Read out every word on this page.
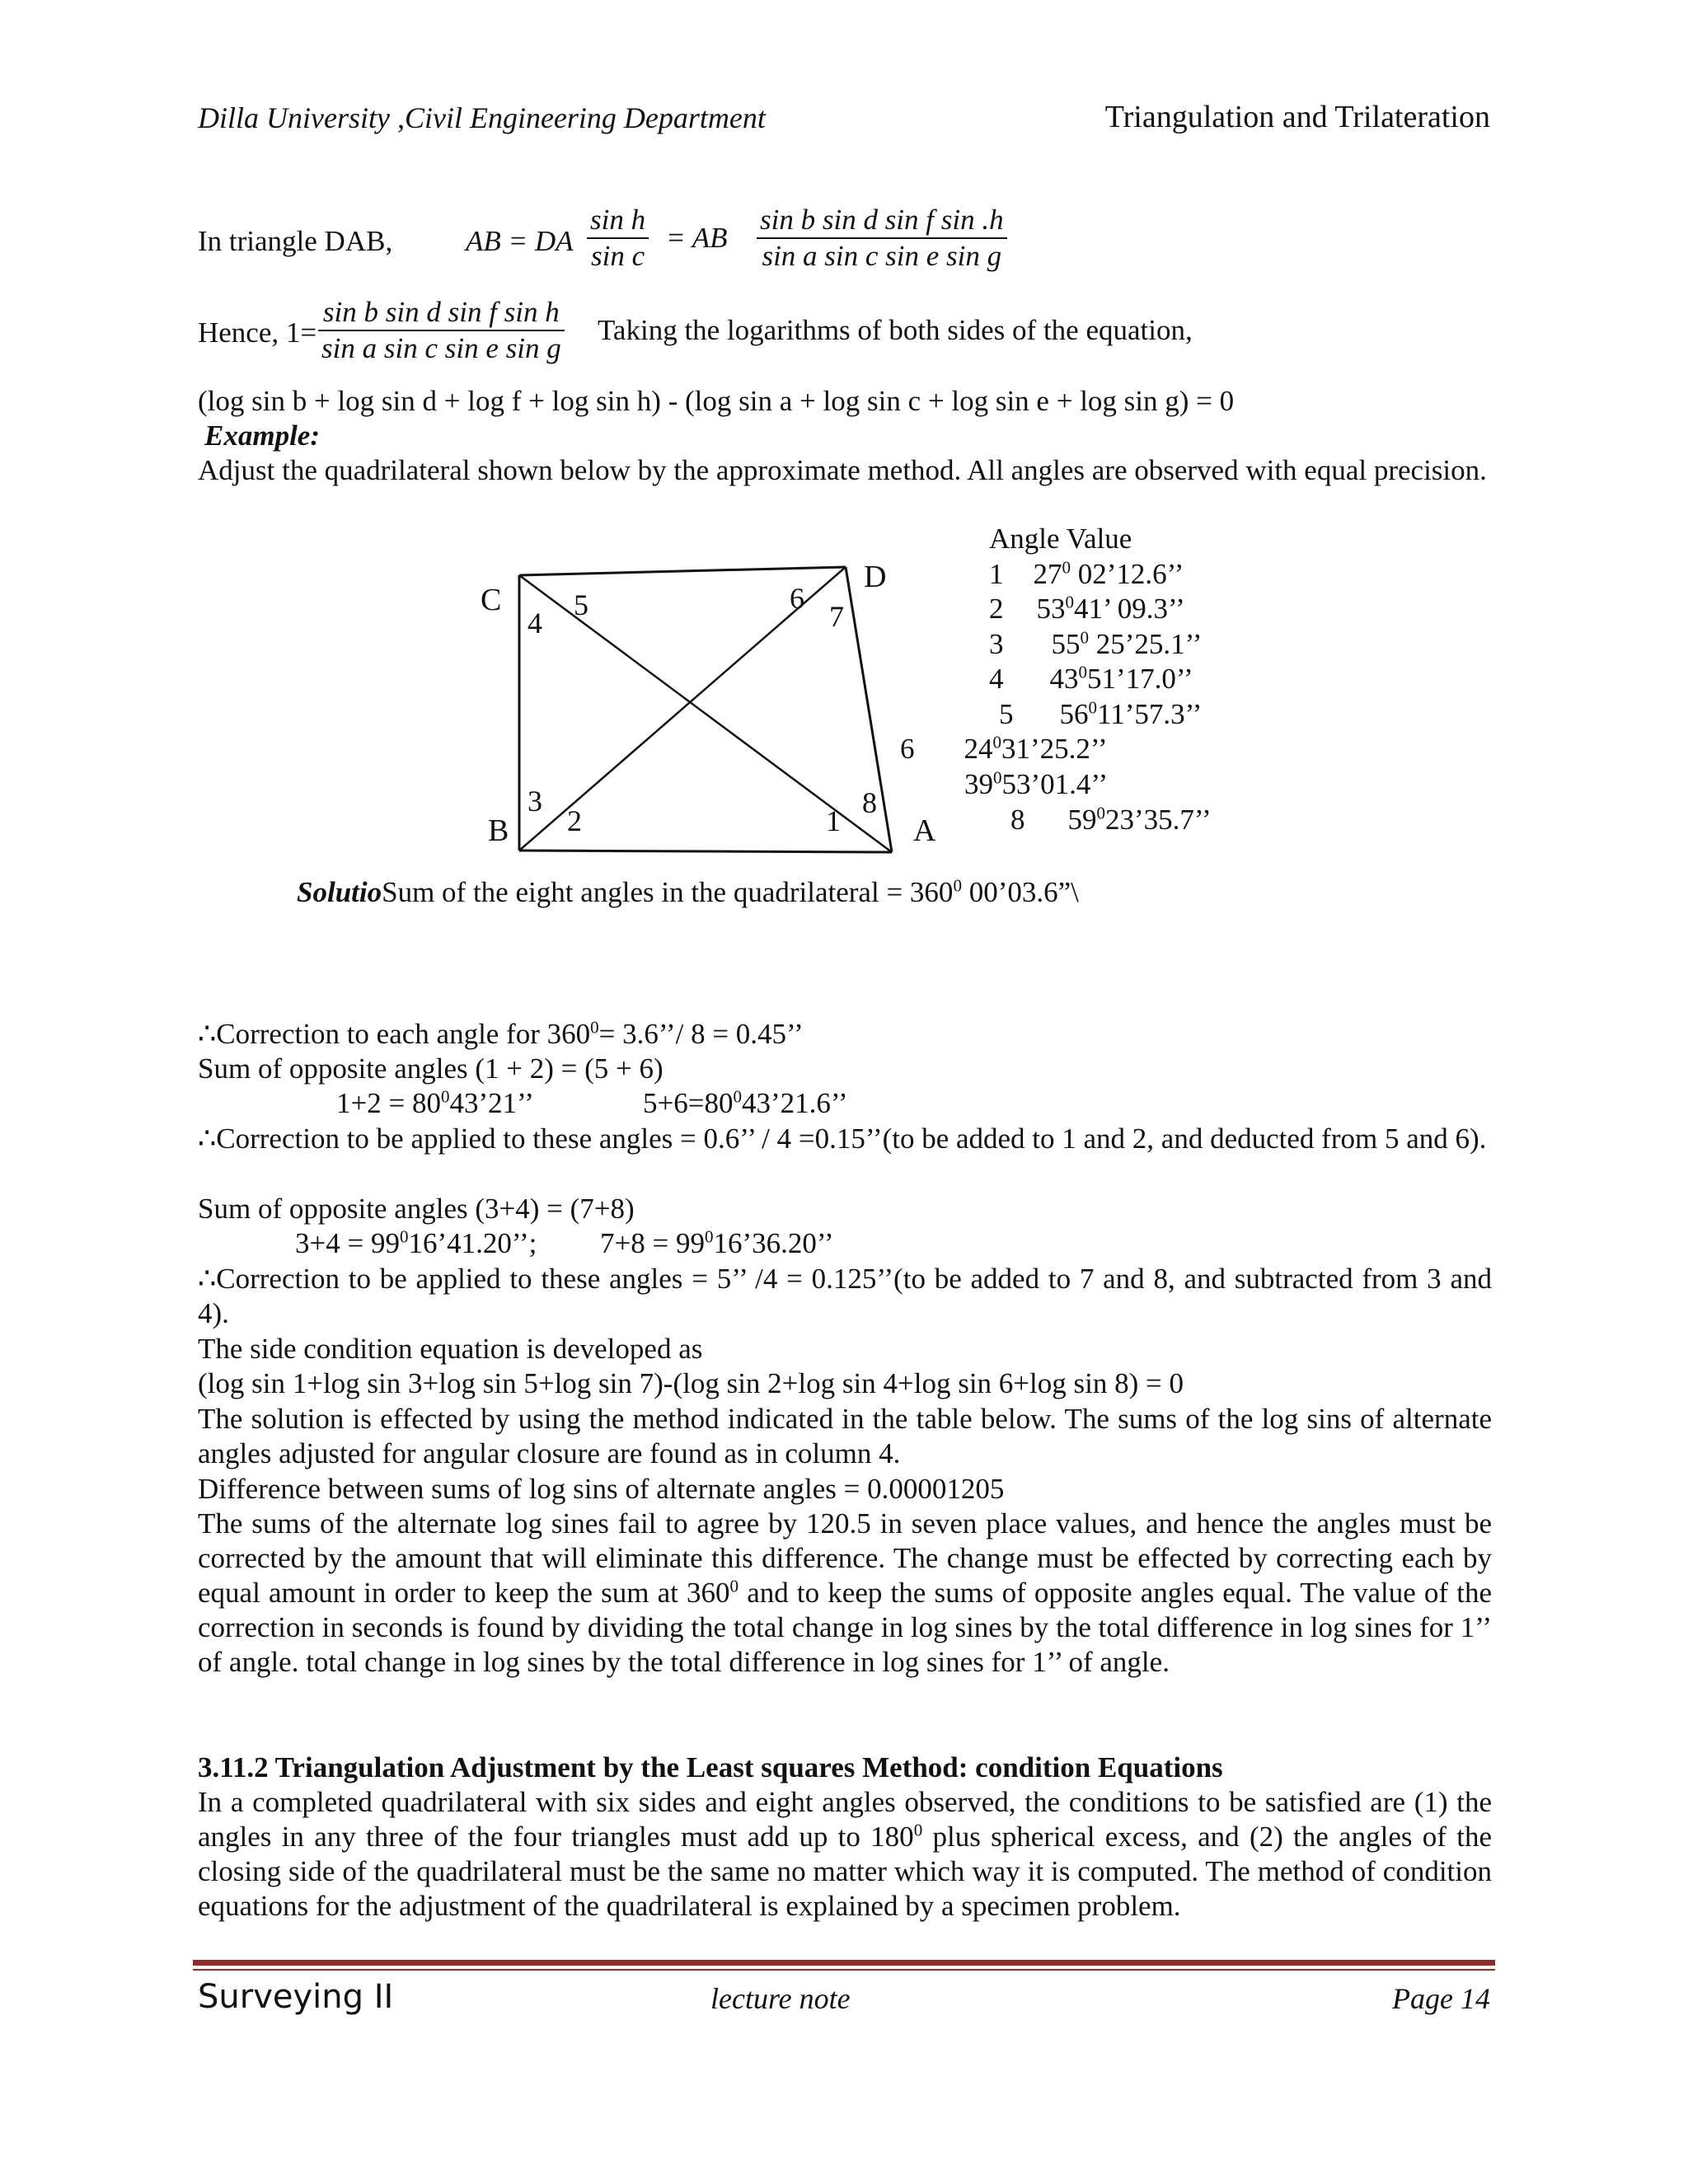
Dilla University ,Civil Engineering Department	Triangulation and Trilateration
In triangle DAB,	AB = DA $\frac{\text{sin h}}{\text{sin c}}$ = AB $\frac{\text{sin b sin d sin f sin .h}}{\text{sin a sin c sin e sin g}}$
Hence, $1= \frac{\text{sin b sin d sin f sin h}}{\text{sin a sin c sin e sin g}}$ Taking the logarithms of both sides of the equation,
(log sin b + log sin d + log f + log sin h) - (log sin a + log sin c + log sin e + log sin g) = 0
Example:
Adjust the quadrilateral shown below by the approximate method. All angles are observed with equal precision.
C
D
B	A
1
2
3
4
5	6
7
8
Angle Value
1 $27^0$ 02’12.6’’
2 $53^041$’ 09.3’’
3 $55^0$ 25’25.1’’
4 $43^051’17.0$’’
5 $56^011’57.3$’’
6 $24^031’25.2$’’
$39^053’01.4$’’
8 $59^023’35.7$’’
SolutioSum of the eight angles in the quadrilateral = $360^0$ 00’03.6”\
∴Correction to each angle for $360^0=$ 3.6’’/ 8 = 0.45’’
Sum of opposite angles (1 + 2) = (5 + 6)
$1+2 = 80^043’21$’’	$5+6=80^043’21.6$’’
∴Correction to be applied to these angles = 0.6’’ / 4 =0.15’’(to be added to 1 and 2, and deducted from 5 and 6).
Sum of opposite angles (3+4) = (7+8)
$3+4 = 99^016’41.20$’’; $7+8 = 99^016’36.20$’’
∴Correction to be applied to these angles = 5’’ /4 = 0.125’’(to be added to 7 and 8, and subtracted from 3 and 4).
The side condition equation is developed as
(log sin 1+log sin 3+log sin 5+log sin 7)-(log sin 2+log sin 4+log sin 6+log sin 8) = 0
The solution is effected by using the method indicated in the table below. The sums of the log sins of alternate angles adjusted for angular closure are found as in column 4.
Difference between sums of log sins of alternate angles = 0.00001205
The sums of the alternate log sines fail to agree by 120.5 in seven place values, and hence the angles must be corrected by the amount that will eliminate this difference. The change must be effected by correcting each by equal amount in order to keep the sum at $360^0$ and to keep the sums of opposite angles equal. The value of the correction in seconds is found by dividing the total change in log sines by the total difference in log sines for 1’’ of angle. total change in log sines by the total difference in log sines for 1’’ of angle.
3.11.2 Triangulation Adjustment by the Least squares Method: condition Equations
In a completed quadrilateral with six sides and eight angles observed, the conditions to be satisfied are (1) the angles in any three of the four triangles must add up to $180^0$ plus spherical excess, and (2) the angles of the closing side of the quadrilateral must be the same no matter which way it is computed. The method of condition equations for the adjustment of the quadrilateral is explained by a specimen problem.
Surveying II	lecture note	Page 14
